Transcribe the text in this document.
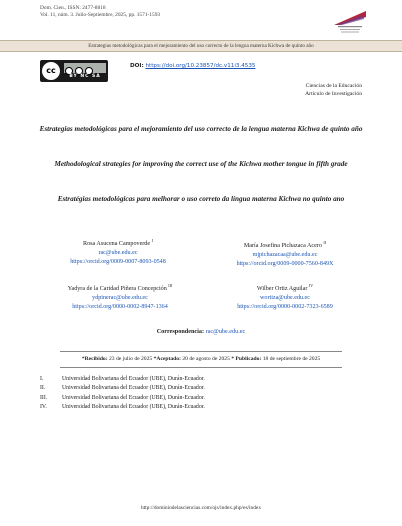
Dom. Cien., ISSN: 2477-8818
Vol. 11, núm. 3. Julio-Septiembre, 2025, pp. 1571-1593
Estrategias metodológicas para el mejoramiento del uso correcto de la lengua materna Kichwa de quinto año
cc
BY NC SA
DOI: https://doi.org/10.23857/dc.v11i3.4535
Ciencias de la Educación
Artículo de Investigación
Estrategias metodológicas para el mejoramiento del uso correcto de la lengua materna Kichwa de quinto año
Methodological strategies for improving the correct use of the Kichwa mother tongue in fifth grade
Estratégias metodológicas para melhorar o uso correto da língua materna Kichwa no quinto ano
Rosa Asucena Campoverde $^I$
rac@ube.edu.ec
https://orcid.org/0009-0007-8093-0548
María Josefina Pichazaca Acero $^{II}$
mjpichazacaa@ube.edu.ec
https://orcid.org/0009-0000-7560-849X
Yadyra de la Caridad Piñera Concepción $^{III}$
ydpinerac@ube.edu.ec
https://orcid.org/0000-0002-8947-1364
Wilber Ortiz Aguilar $^{IV}$
wortiza@ube.edu.ec
https://orcid.org/0000-0002-7323-6589
Correspondencia: rac@ube.edu.ec
*Recibido: 23 de julio de 2025 *Aceptado: 20 de agosto de 2025 * Publicado: 18 de septiembre de 2025
I.	Universidad Bolivariana del Ecuador (UBE), Durán-Ecuador.
II.	Universidad Bolivariana del Ecuador (UBE), Durán-Ecuador.
III.	Universidad Bolivariana del Ecuador (UBE), Durán-Ecuador.
IV.	Universidad Bolivariana del Ecuador (UBE), Durán-Ecuador.
http://dominiodelasciencias.com/ojs/index.php/es/index
